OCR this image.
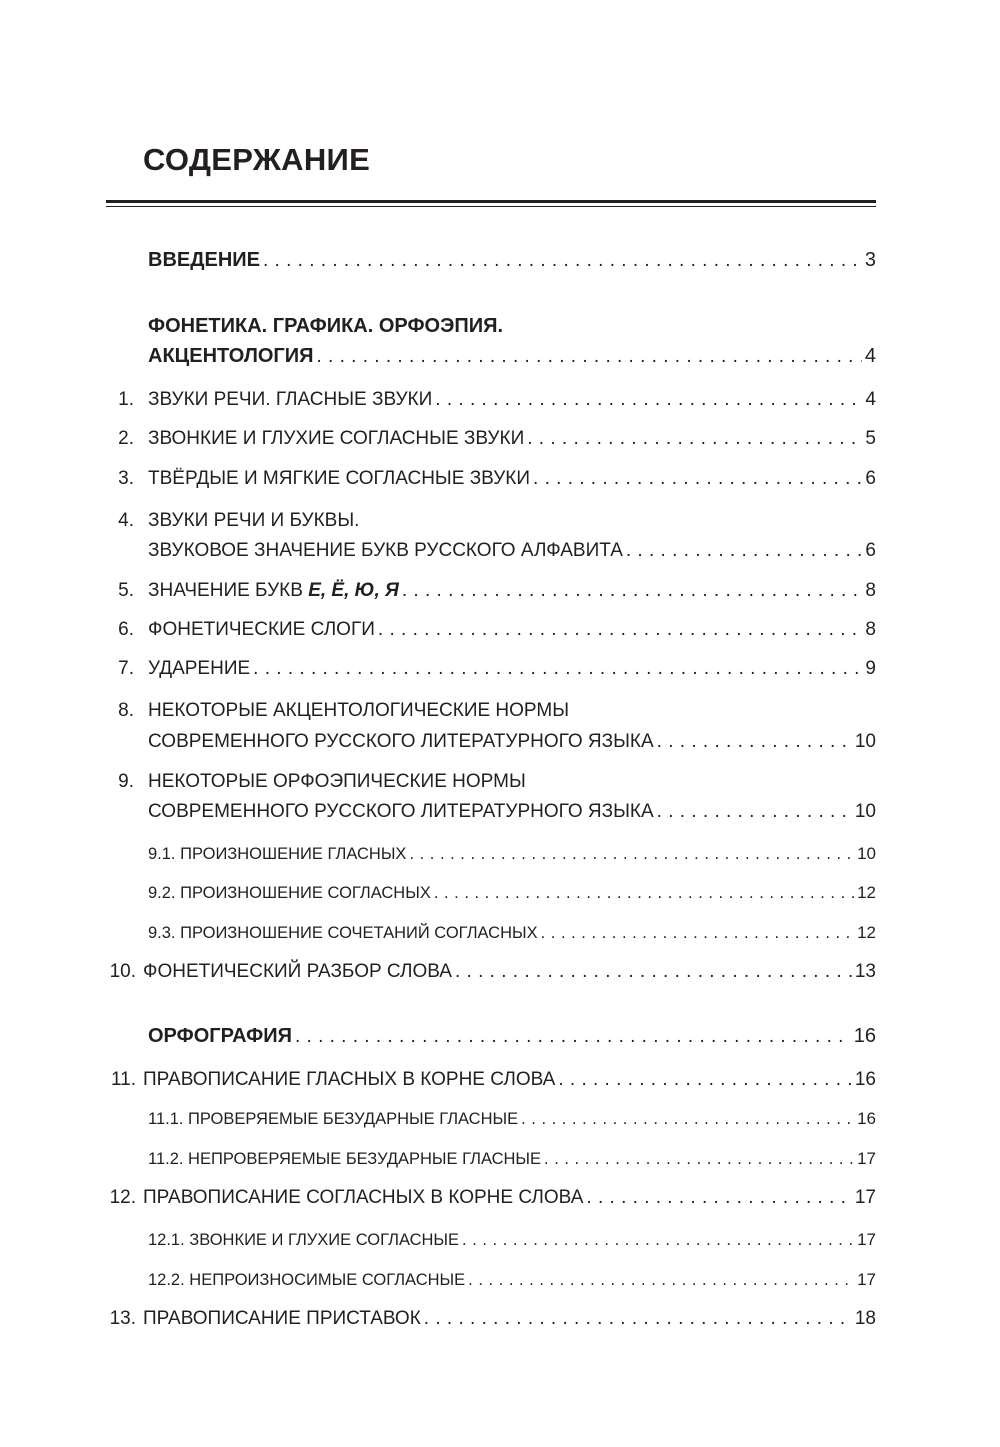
СОДЕРЖАНИЕ
ВВЕДЕНИЕ . . .	3
ФОНЕТИКА. ГРАФИКА. ОРФОЭПИЯ.
АКЦЕНТОЛОГИЯ . . .	4
1. ЗВУКИ РЕЧИ. ГЛАСНЫЕ ЗВУКИ . . .	4
2. ЗВОНКИЕ И ГЛУХИЕ СОГЛАСНЫЕ ЗВУКИ . . .	5
3. ТВЁРДЫЕ И МЯГКИЕ СОГЛАСНЫЕ ЗВУКИ . . .	6
4. ЗВУКИ РЕЧИ И БУКВЫ.
ЗВУКОВОЕ ЗНАЧЕНИЕ БУКВ РУССКОГО АЛФАВИТА . . .	6
5. ЗНАЧЕНИЕ БУКВ Е, Ё, Ю, Я . . .	8
6. ФОНЕТИЧЕСКИЕ СЛОГИ . . .	8
7. УДАРЕНИЕ . . .	9
8. НЕКОТОРЫЕ АКЦЕНТОЛОГИЧЕСКИЕ НОРМЫ
СОВРЕМЕННОГО РУССКОГО ЛИТЕРАТУРНОГО ЯЗЫКА . . .	10
9. НЕКОТОРЫЕ ОРФОЭПИЧЕСКИЕ НОРМЫ
СОВРЕМЕННОГО РУССКОГО ЛИТЕРАТУРНОГО ЯЗЫКА . . .	10
9.1. ПРОИЗНОШЕНИЕ ГЛАСНЫХ . . .	10
9.2. ПРОИЗНОШЕНИЕ СОГЛАСНЫХ . . .	12
9.3. ПРОИЗНОШЕНИЕ СОЧЕТАНИЙ СОГЛАСНЫХ . . .	12
10. ФОНЕТИЧЕСКИЙ РАЗБОР СЛОВА . . .	13
ОРФОГРАФИЯ . . .	16
11. ПРАВОПИСАНИЕ ГЛАСНЫХ В КОРНЕ СЛОВА . . .	16
11.1. ПРОВЕРЯЕМЫЕ БЕЗУДАРНЫЕ ГЛАСНЫЕ . . .	16
11.2. НЕПРОВЕРЯЕМЫЕ БЕЗУДАРНЫЕ ГЛАСНЫЕ . . .	17
12. ПРАВОПИСАНИЕ СОГЛАСНЫХ В КОРНЕ СЛОВА . . .	17
12.1. ЗВОНКИЕ И ГЛУХИЕ СОГЛАСНЫЕ . . .	17
12.2. НЕПРОИЗНОСИМЫЕ СОГЛАСНЫЕ . . .	17
13. ПРАВОПИСАНИЕ ПРИСТАВОК . . .	18
